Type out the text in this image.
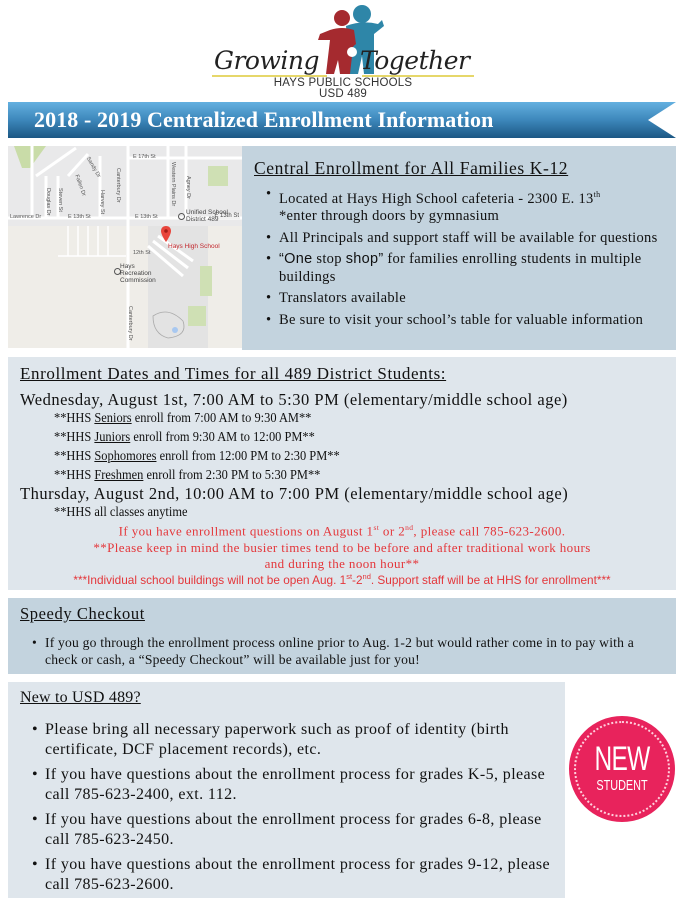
Growing Together
HAYS PUBLIC SCHOOLS
USD 489
2018 - 2019 Centralized Enrollment Information
E 17th St
Lawrence Dr	E 13th St	E 13th St	E 13th St
12th St
Canterbury Dr
Canterbury Dr
Western Plains Dr Agney Dr
Harvey St
Fallen Dr
Sandy Dr
Steven St
Douglas Dr	Unified School District 489
Hays High School
Hays Recreation Commission
Central Enrollment for All Families K-12
• Located at Hays High School cafeteria - 2300 E. 13th
*enter through doors by gymnasium
• All Principals and support staff will be available for questions
• “One stop shop” for families enrolling students in multiple buildings
• Translators available
• Be sure to visit your school’s table for valuable information
Enrollment Dates and Times for all 489 District Students:
Wednesday, August 1st, 7:00 AM to 5:30 PM (elementary/middle school age)
**HHS Seniors enroll from 7:00 AM to 9:30 AM**
**HHS Juniors enroll from 9:30 AM to 12:00 PM**
**HHS Sophomores enroll from 12:00 PM to 2:30 PM**
**HHS Freshmen enroll from 2:30 PM to 5:30 PM**
Thursday, August 2nd, 10:00 AM to 7:00 PM (elementary/middle school age)
**HHS all classes anytime
If you have enrollment questions on August 1st or 2nd, please call 785-623-2600.
**Please keep in mind the busier times tend to be before and after traditional work hours
and during the noon hour**
***Individual school buildings will not be open Aug. 1st-2nd. Support staff will be at HHS for enrollment***
Speedy Checkout
• If you go through the enrollment process online prior to Aug. 1-2 but would rather come in to pay with a check or cash, a “Speedy Checkout” will be available just for you!
New to USD 489?
• Please bring all necessary paperwork such as proof of identity (birth certificate, DCF placement records), etc.
• If you have questions about the enrollment process for grades K-5, please call 785-623-2400, ext. 112.
• If you have questions about the enrollment process for grades 6-8, please call 785-623-2450.
• If you have questions about the enrollment process for grades 9-12, please call 785-623-2600.
NEW
STUDENT
